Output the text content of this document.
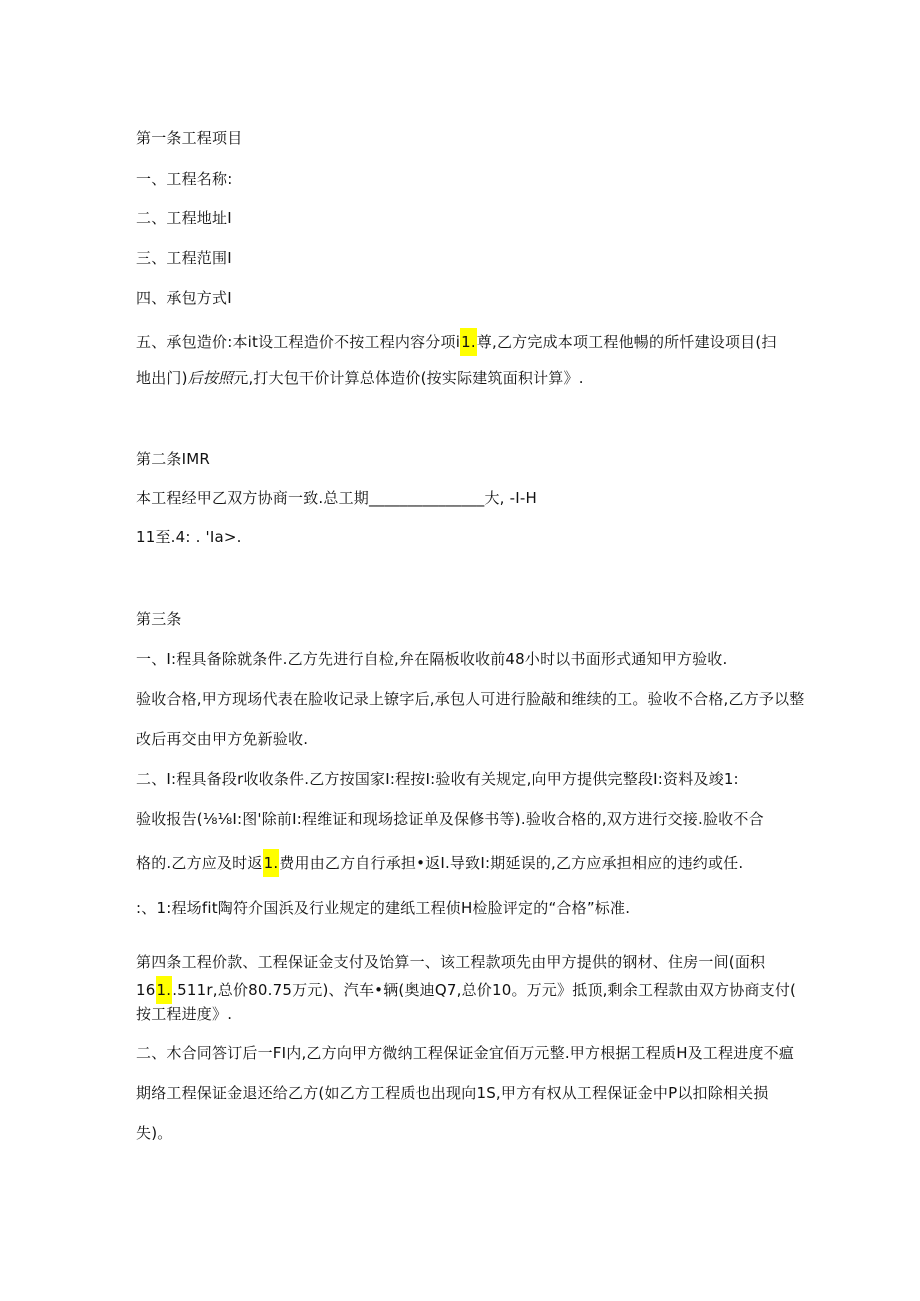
第一条工程项目
一、工程名称:
二、工程地址I
三、工程范围I
四、承包方式I
五、承包造价:本it设工程造价不按工程内容分项i1.尊,乙方完成本项工程他暢的所忏建设项目(扫
地出门)后按照元,打大包干价计算总体造价(按实际建筑面积计算》.
第二条IMR
本工程经甲乙双方协商一致.总工期_______________大, -I-H
11至.4: . 'Ia>.
第三条
一、I:程具备除就条件.乙方先进行自检,弁在隔板收收前48小时以书面形式通知甲方验收.
验收合格,甲方现场代表在脸收记录上镣字后,承包人可进行脸敲和维续的工。验收不合格,乙方予以整
改后再交由甲方免新验收.
二、I:程具备段r收收条件.乙方按国家I:程按I:验收有关规定,向甲方提供完整段I:资料及竣1:
验收报告(⅛⅛I:图'除前I:程维证和现场捻证单及保修书等).验收合格的,双方进行交接.脸收不合
格的.乙方应及时返1.费用由乙方自行承担•返I.导致I:期延误的,乙方应承担相应的违约或任.
:、1:程场fit陶符介国浜及行业规定的建纸工程侦H检脸评定的“合格”标准.
第四条工程价款、工程保证金支付及饴算一、该工程款项先由甲方提供的钢材、住房一间(面积
161..511r,总价80.75万元)、汽车•辆(奥迪Q7,总价10。万元》抵顶,剩余工程款由双方协商支付(
按工程进度》.
二、木合同答订后一FI内,乙方向甲方微纳工程保证金宜佰万元整.甲方根据工程质H及工程进度不瘟
期络工程保证金退还给乙方(如乙方工程质也出现向1S,甲方有权从工程保证金中P以扣除相关损
失)。
